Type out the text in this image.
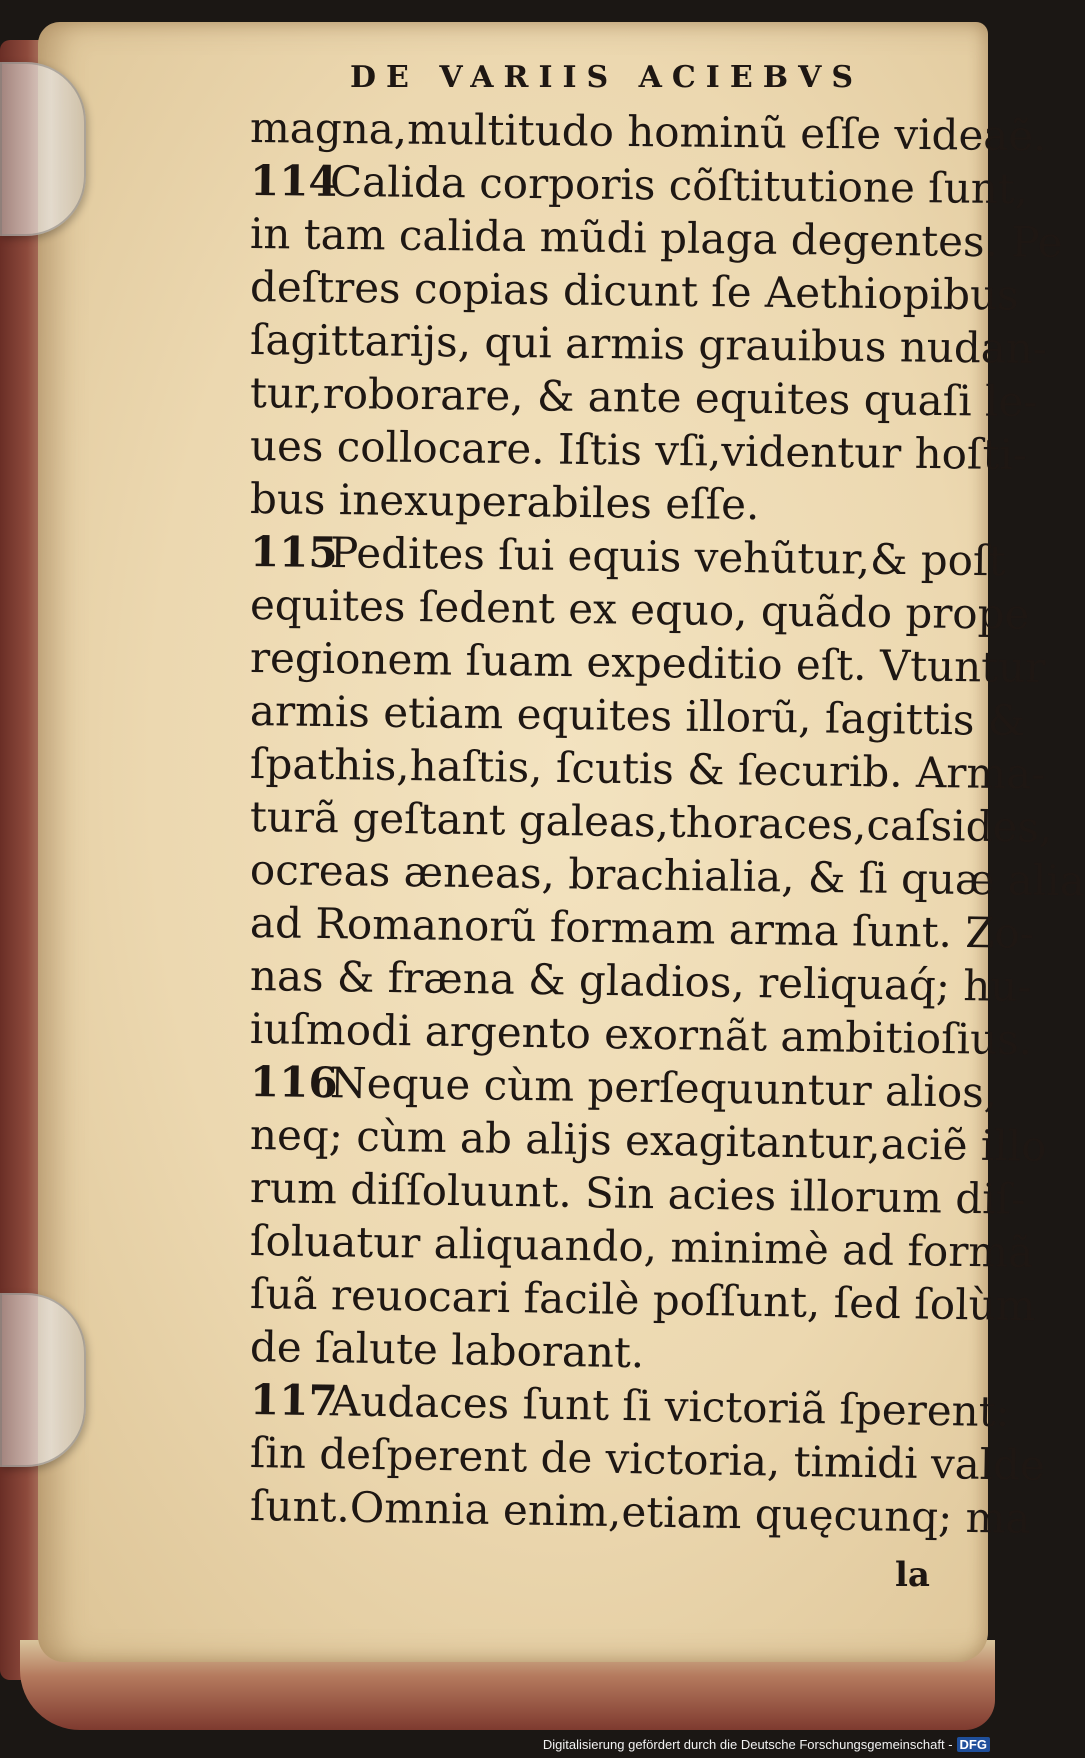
DE VARIIS ACIEBVS
magna,multitudo hominũ eſſe videaẽ.
114Calida corporis cõſtitutione ſunt,
in tam calida mũdi plaga degentes. Pe
deſtres copias dicunt ſe Aethiopibus
ſagittarijs, qui armis grauibus nudan-
tur,roborare, & ante equites quaſi le-
ues collocare. Iſtis vſi,videntur hoſti-
bus inexuperabiles eſſe.
115Pedites ſui equis vehũtur,& poſt
equites ſedent ex equo, quãdo prope
regionem ſuam expeditio eſt. Vtuntur
armis etiam equites illorũ, ſagittis &
ſpathis,haſtis, ſcutis & ſecurib. Arma-
turã geſtant galeas,thoraces,caſsides,
ocreas æneas, brachialia, & ſi quæ alia
ad Romanorũ formam arma ſunt. Zo-
nas & fræna & gladios, reliquaq́; hu-
iuſmodi argento exornãt ambitioſius.
116Neque cùm perſequuntur alios,
neq; cùm ab alijs exagitantur,aciẽ illo
rum diſſoluunt. Sin acies illorum diſ-
ſoluatur aliquando, minimè ad formã
ſuã reuocari facilè poſſunt, ſed ſolùm
de ſalute laborant.
117Audaces ſunt ſi victoriã ſperent:
ſin deſperent de victoria, timidi valde
ſunt.Omnia enim,etiam quęcunq; ma
la
Digitalisierung gefördert durch die Deutsche Forschungsgemeinschaft - DFG
